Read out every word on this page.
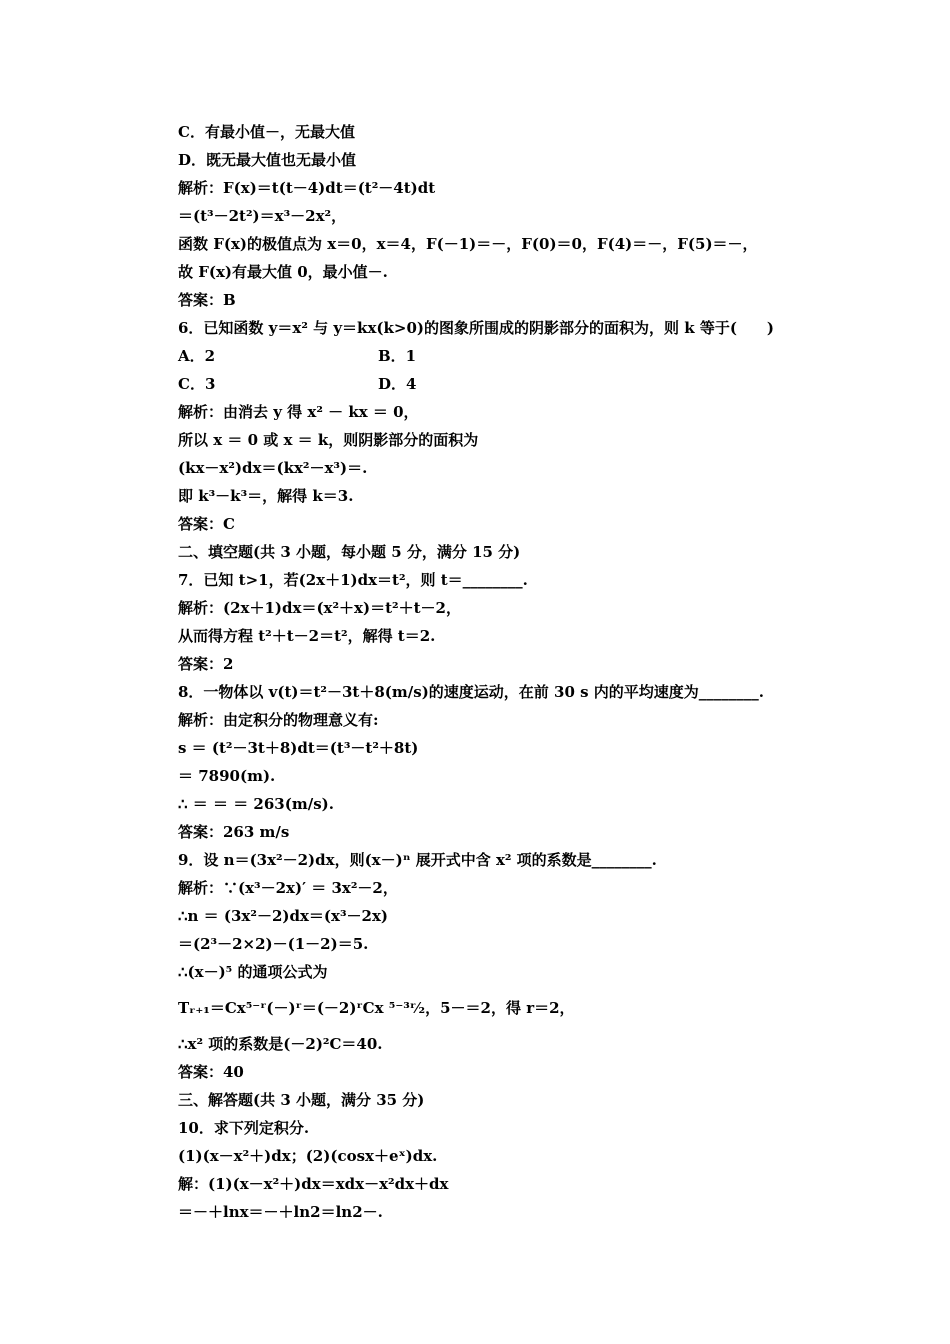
C．有最小值－，无最大值
D．既无最大值也无最小值
解析：F(x)＝t(t－4)dt＝(t²－4t)dt
＝(t³－2t²)＝x³－2x²，
函数 F(x)的极值点为 x＝0，x＝4，F(－1)＝－，F(0)＝0，F(4)＝－，F(5)＝－，
故 F(x)有最大值 0，最小值－.
答案：B
6．已知函数 y＝x² 与 y＝kx(k>0)的图象所围成的阴影部分的面积为，则 k 等于(　　)
A．2	B．1
C．3	D．4
解析：由消去 y 得 x² － kx ＝ 0，
所以 x ＝ 0 或 x ＝ k，则阴影部分的面积为
(kx－x²)dx＝(kx²－x³)＝.
即 k³－k³＝，解得 k＝3.
答案：C
二、填空题(共 3 小题，每小题 5 分，满分 15 分)
7．已知 t>1，若(2x＋1)dx＝t²，则 t＝________.
解析：(2x＋1)dx＝(x²＋x)＝t²＋t－2，
从而得方程 t²＋t－2＝t²，解得 t＝2.
答案：2
8．一物体以 v(t)＝t²－3t＋8(m/s)的速度运动，在前 30 s 内的平均速度为________.
解析：由定积分的物理意义有:
s ＝ (t²－3t＋8)dt＝(t³－t²＋8t)
＝ 7890(m).
∴ ＝ ＝ ＝ 263(m/s).
答案：263 m/s
9．设 n＝(3x²－2)dx，则(x－)ⁿ 展开式中含 x² 项的系数是________.
解析：∵(x³－2x)′ ＝ 3x²－2，
∴n ＝ (3x²－2)dx＝(x³－2x)
＝(2³－2×2)－(1－2)＝5.
∴(x－)⁵ 的通项公式为
Tᵣ₊₁＝Cx⁵⁻ʳ(－)ʳ＝(－2)ʳCx ⁵⁻³ʳ⁄₂，5－＝2，得 r＝2，
∴x² 项的系数是(－2)²C＝40.
答案：40
三、解答题(共 3 小题，满分 35 分)
10．求下列定积分.
(1)(x－x²＋)dx；(2)(cosx＋eˣ)dx.
解：(1)(x－x²＋)dx＝xdx－x²dx＋dx
＝－＋lnx＝－＋ln2＝ln2－.
